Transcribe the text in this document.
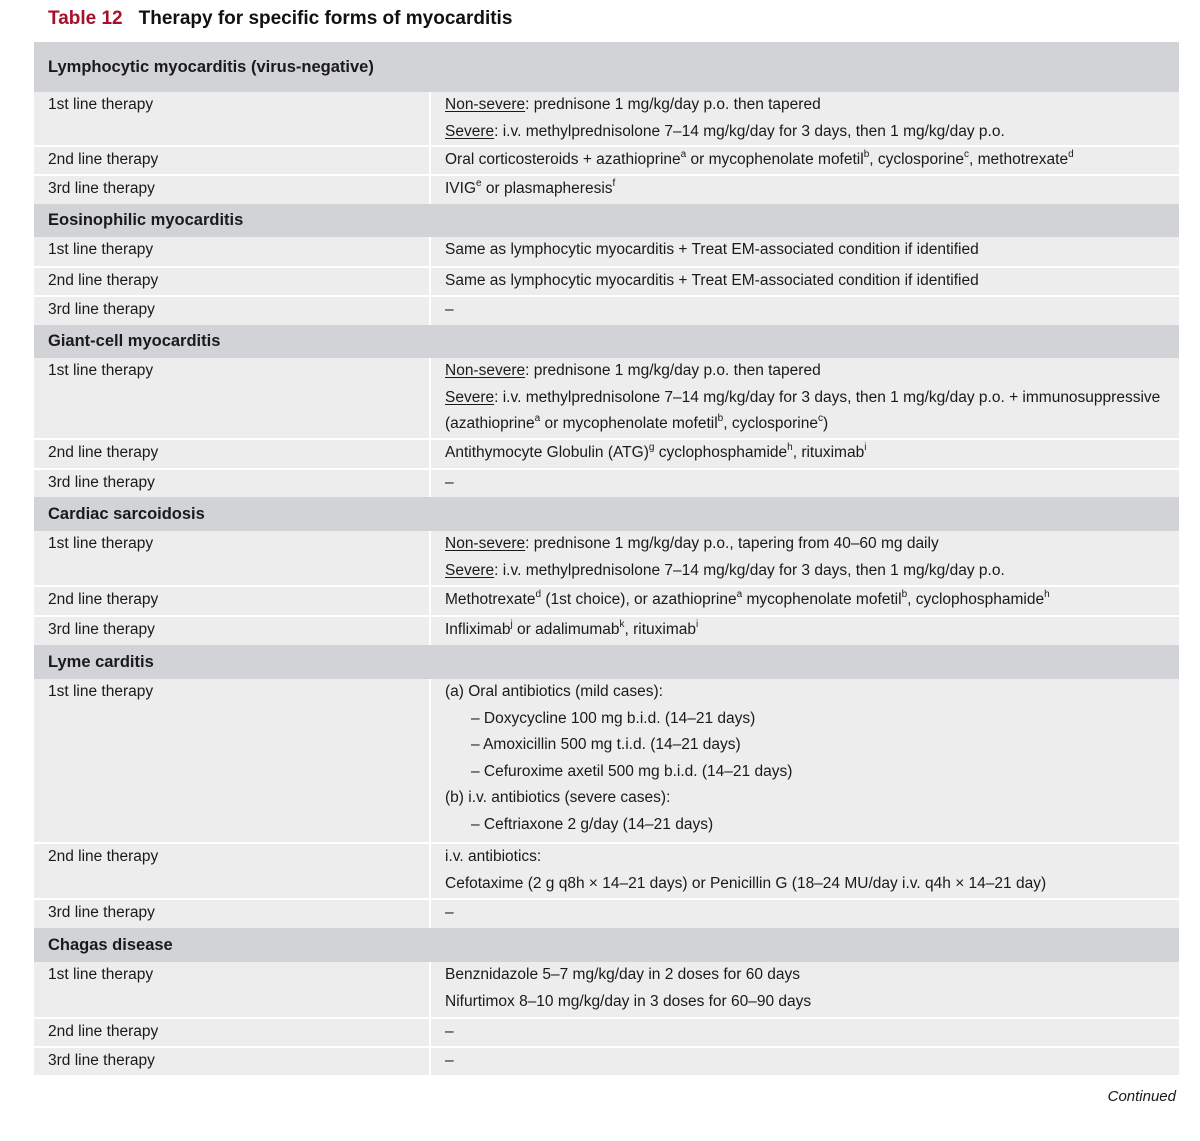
Table 12 Therapy for specific forms of myocarditis
Lymphocytic myocarditis (virus-negative)
1st line therapy	Non-severe: prednisone 1 mg/kg/day p.o. then tapered
Severe: i.v. methylprednisolone 7–14 mg/kg/day for 3 days, then 1 mg/kg/day p.o.
2nd line therapy	Oral corticosteroids + azathioprine$^a$ or mycophenolate mofetil$^b$, cyclosporine$^c$, methotrexate$^d$
3rd line therapy	IVIG$^e$ or plasmapheresis$^f$
Eosinophilic myocarditis
1st line therapy	Same as lymphocytic myocarditis + Treat EM-associated condition if identified
2nd line therapy	Same as lymphocytic myocarditis + Treat EM-associated condition if identified
3rd line therapy	–
Giant-cell myocarditis
1st line therapy	Non-severe: prednisone 1 mg/kg/day p.o. then tapered
Severe: i.v. methylprednisolone 7–14 mg/kg/day for 3 days, then 1 mg/kg/day p.o. + immunosuppressive
(azathioprine$^a$ or mycophenolate mofetil$^b$, cyclosporine$^c$)
2nd line therapy	Antithymocyte Globulin (ATG)$^g$ cyclophosphamide$^h$, rituximab$^i$
3rd line therapy	–
Cardiac sarcoidosis
1st line therapy	Non-severe: prednisone 1 mg/kg/day p.o., tapering from 40–60 mg daily
Severe: i.v. methylprednisolone 7–14 mg/kg/day for 3 days, then 1 mg/kg/day p.o.
2nd line therapy	Methotrexate$^d$ (1st choice), or azathioprine$^a$ mycophenolate mofetil$^b$, cyclophosphamide$^h$
3rd line therapy	Infliximab$^j$ or adalimumab$^k$, rituximab$^i$
Lyme carditis
1st line therapy	(a) Oral antibiotics (mild cases):
– Doxycycline 100 mg b.i.d. (14–21 days)
– Amoxicillin 500 mg t.i.d. (14–21 days)
– Cefuroxime axetil 500 mg b.i.d. (14–21 days)
(b) i.v. antibiotics (severe cases):
– Ceftriaxone 2 g/day (14–21 days)
2nd line therapy	i.v. antibiotics:
Cefotaxime (2 g q8h × 14–21 days) or Penicillin G (18–24 MU/day i.v. q4h × 14–21 day)
3rd line therapy	–
Chagas disease
1st line therapy	Benznidazole 5–7 mg/kg/day in 2 doses for 60 days
Nifurtimox 8–10 mg/kg/day in 3 doses for 60–90 days
2nd line therapy	–
3rd line therapy	–
Continued
